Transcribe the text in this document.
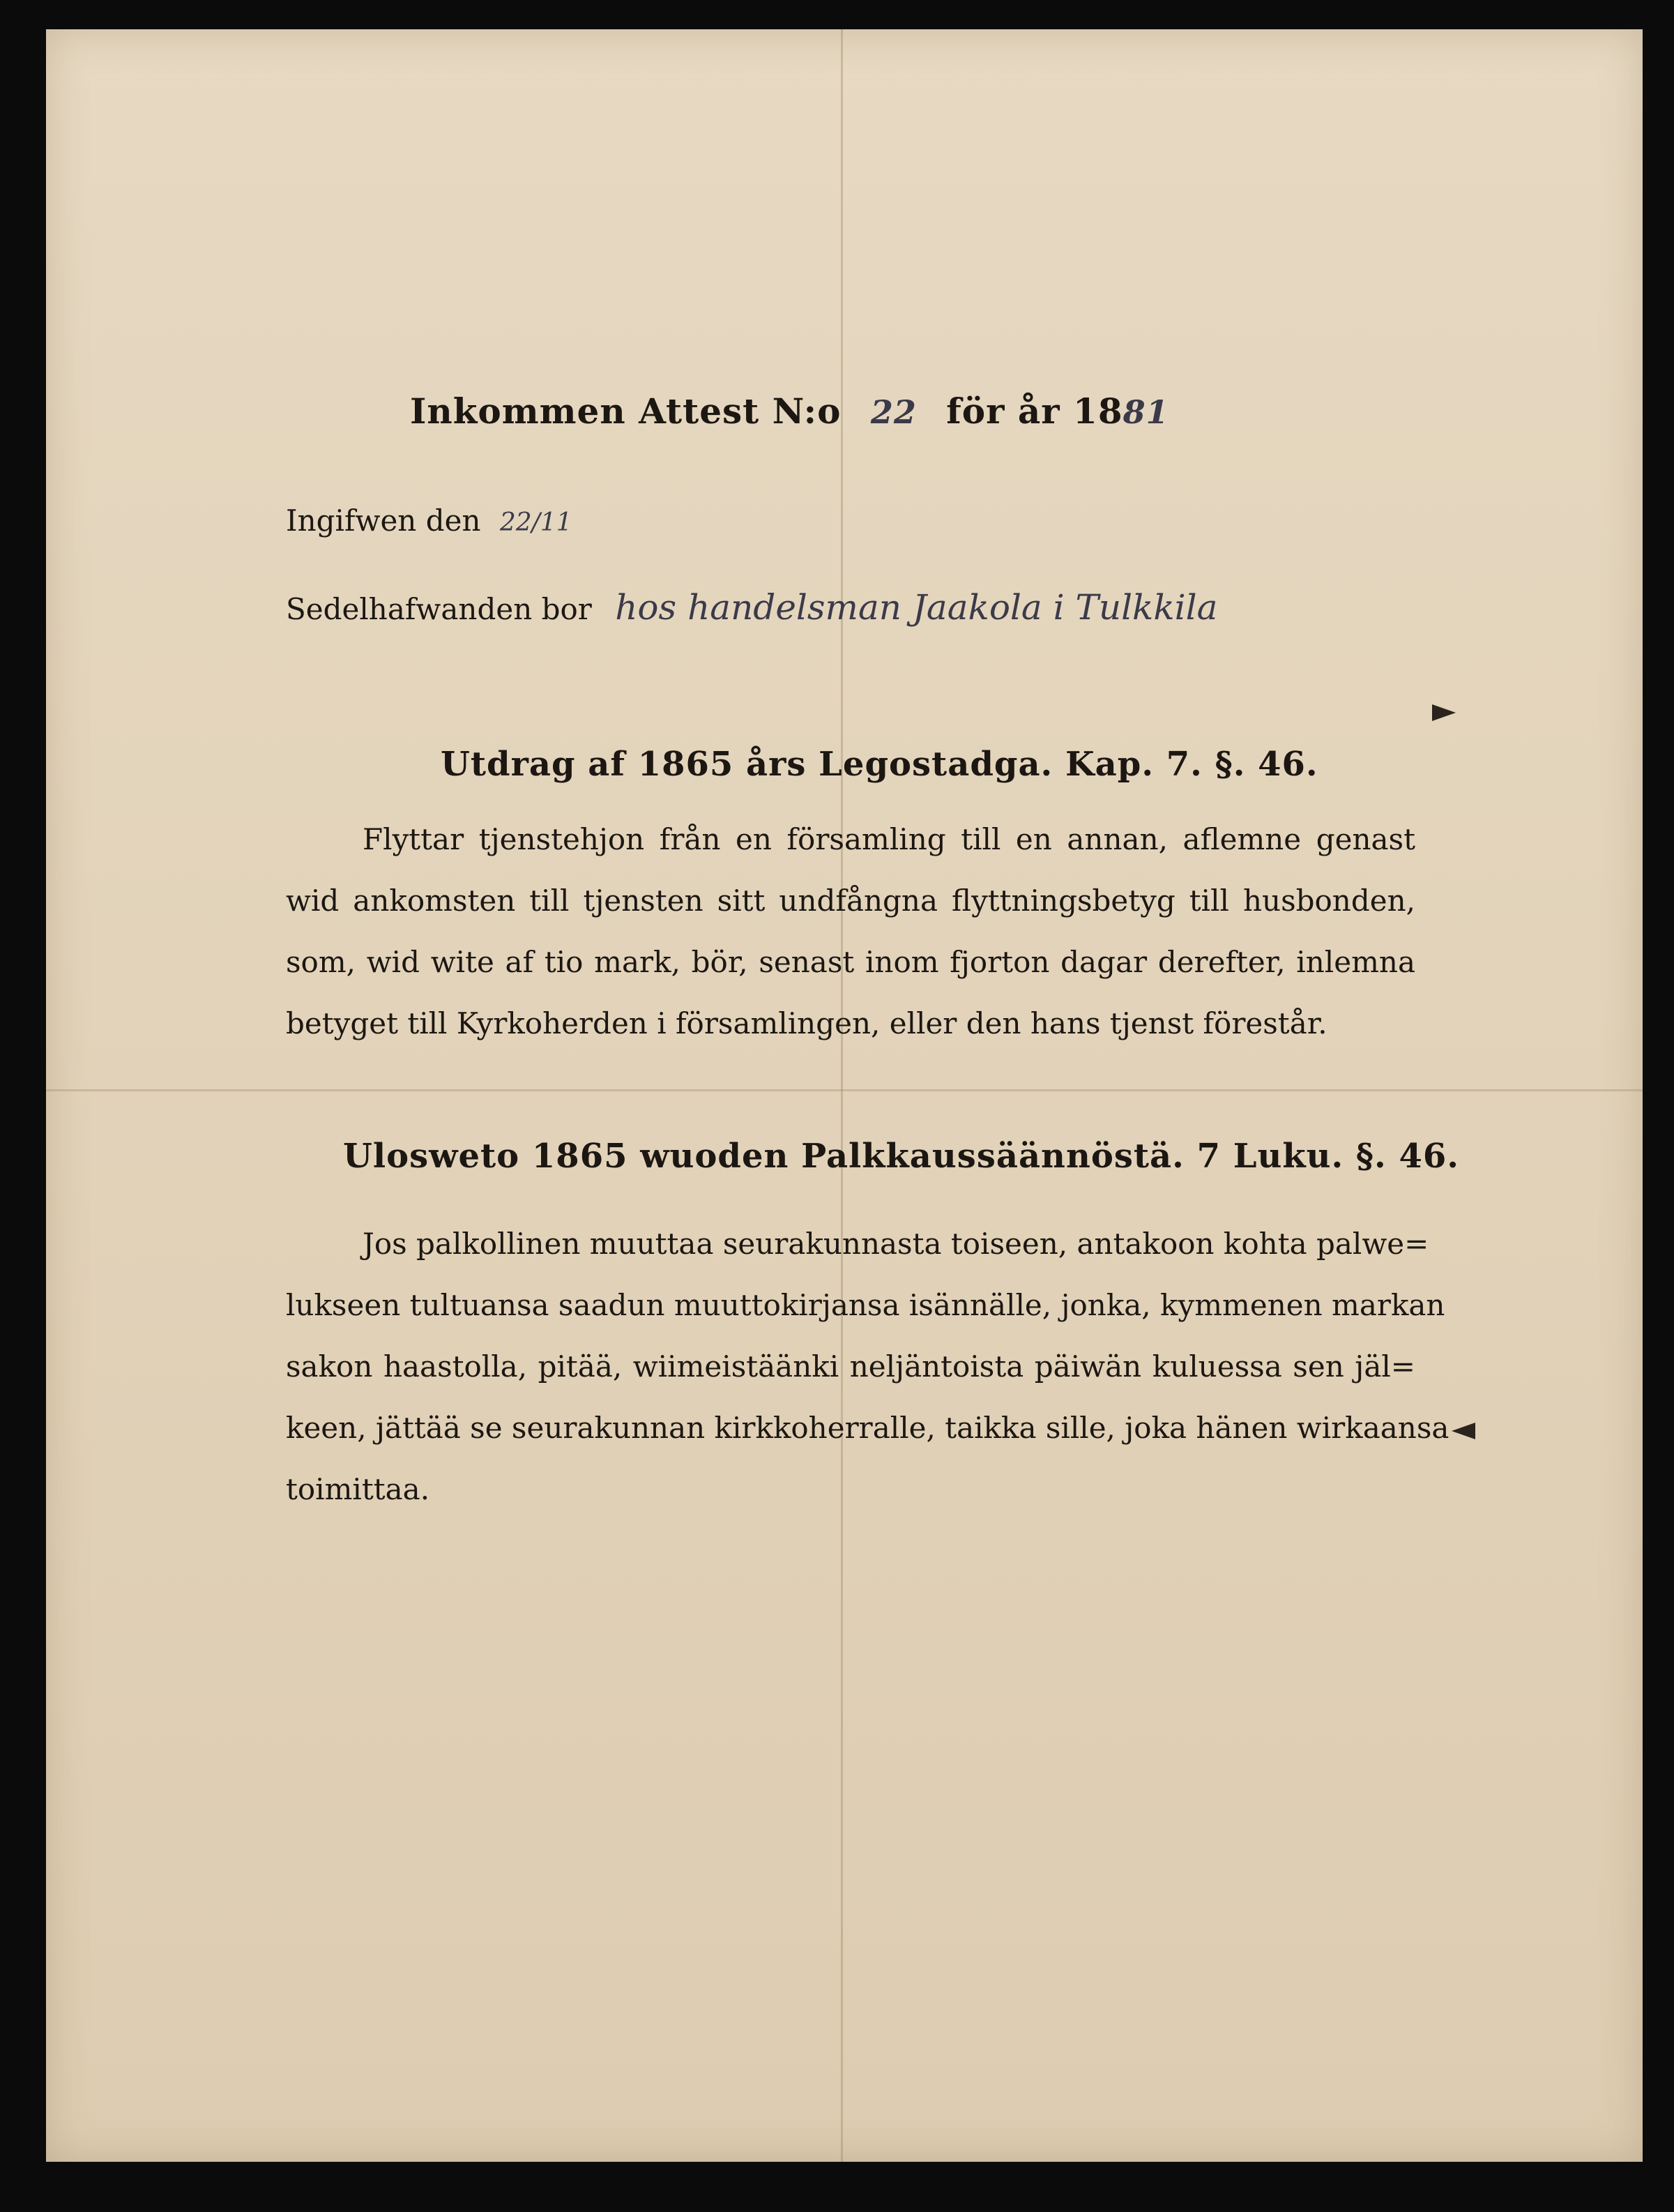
Inkommen Attest N:o 22 för år 1881
Ingifwen den 22/11
Sedelhafwanden bor hos handelsman Jaakola i Tulkkila
Utdrag af 1865 års Legostadga. Kap. 7. §. 46.
Flyttar tjenstehjon från en församling till en annan, aflemne genast
wid ankomsten till tjensten sitt undfångna flyttningsbetyg till husbonden,
som, wid wite af tio mark, bör, senast inom fjorton dagar derefter, inlemna
betyget till Kyrkoherden i församlingen, eller den hans tjenst förestår.
Ulosweto 1865 wuoden Palkkaussäännöstä. 7 Luku. §. 46.
Jos palkollinen muuttaa seurakunnasta toiseen, antakoon kohta palwe=
lukseen tultuansa saadun muuttokirjansa isännälle, jonka, kymmenen markan
sakon haastolla, pitää, wiimeistäänki neljäntoista päiwän kuluessa sen jäl=
keen, jättää se seurakunnan kirkkoherralle, taikka sille, joka hänen wirkaansa
toimittaa.
